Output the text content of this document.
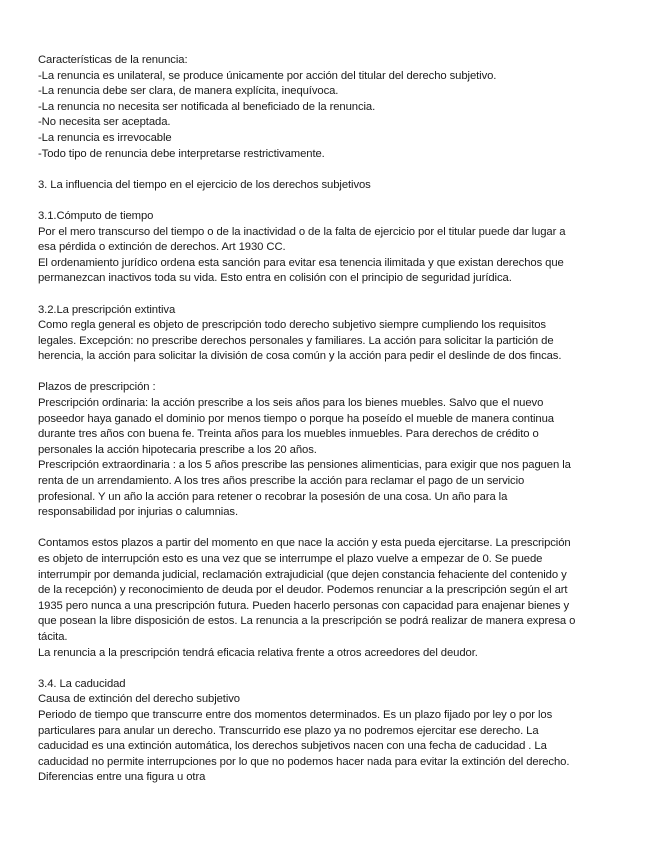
Características de la renuncia:
-La renuncia es unilateral, se produce únicamente por acción del titular del derecho subjetivo.
-La renuncia debe ser clara, de manera explícita, inequívoca.
-La renuncia no necesita ser notificada al beneficiado de la renuncia.
-No necesita ser aceptada.
-La renuncia es irrevocable
-Todo tipo de renuncia debe interpretarse restrictivamente.
3. La influencia del tiempo en el ejercicio de los derechos subjetivos
3.1.Cómputo de tiempo
Por el mero transcurso del tiempo o de la inactividad o de la falta de ejercicio por el titular puede dar lugar a
esa pérdida o extinción de derechos. Art 1930 CC.
El ordenamiento jurídico ordena esta sanción para evitar esa tenencia ilimitada y que existan derechos que
permanezcan inactivos toda su vida. Esto entra en colisión con el principio de seguridad jurídica.
3.2.La prescripción extintiva
Como regla general es objeto de prescripción todo derecho subjetivo siempre cumpliendo los requisitos
legales. Excepción: no prescribe derechos personales y familiares. La acción para solicitar la partición de
herencia, la acción para solicitar la división de cosa común y la acción para pedir el deslinde de dos fincas.
Plazos de prescripción :
Prescripción ordinaria: la acción prescribe a los seis años para los bienes muebles. Salvo que el nuevo
poseedor haya ganado el dominio por menos tiempo o porque ha poseído el mueble de manera continua
durante tres años con buena fe. Treinta años para los muebles inmuebles. Para derechos de crédito o
personales la acción hipotecaria prescribe a los 20 años.
Prescripción extraordinaria : a los 5 años prescribe las pensiones alimenticias, para exigir que nos paguen la
renta de un arrendamiento. A los tres años prescribe la acción para reclamar el pago de un servicio
profesional. Y un año la acción para retener o recobrar la posesión de una cosa. Un año para la
responsabilidad por injurias o calumnias.
Contamos estos plazos a partir del momento en que nace la acción y esta pueda ejercitarse. La prescripción
es objeto de interrupción esto es una vez que se interrumpe el plazo vuelve a empezar de 0. Se puede
interrumpir por demanda judicial, reclamación extrajudicial (que dejen constancia fehaciente del contenido y
de la recepción) y reconocimiento de deuda por el deudor. Podemos renunciar a la prescripción según el art
1935 pero nunca a una prescripción futura. Pueden hacerlo personas con capacidad para enajenar bienes y
que posean la libre disposición de estos. La renuncia a la prescripción se podrá realizar de manera expresa o
tácita.
La renuncia a la prescripción tendrá eficacia relativa frente a otros acreedores del deudor.
3.4. La caducidad
Causa de extinción del derecho subjetivo
Periodo de tiempo que transcurre entre dos momentos determinados. Es un plazo fijado por ley o por los
particulares para anular un derecho. Transcurrido ese plazo ya no podremos ejercitar ese derecho. La
caducidad es una extinción automática, los derechos subjetivos nacen con una fecha de caducidad . La
caducidad no permite interrupciones por lo que no podemos hacer nada para evitar la extinción del derecho.
Diferencias entre una figura u otra
